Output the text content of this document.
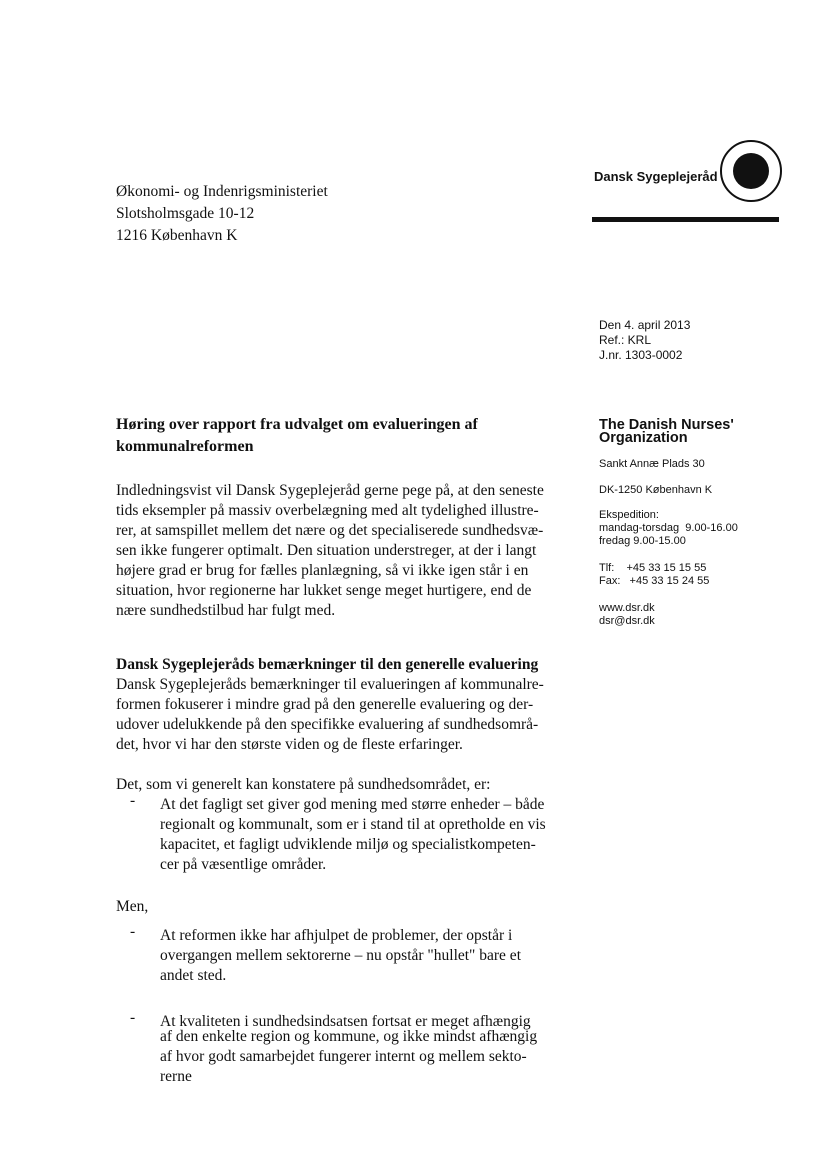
Dansk Sygeplejeråd
Økonomi- og Indenrigsministeriet
Slotsholmsgade 10-12
1216 København K
Den 4. april 2013
Ref.: KRL
J.nr. 1303-0002
The Danish Nurses'
Organization
Sankt Annæ Plads 30
DK-1250 København K
Ekspedition:
mandag-torsdag  9.00-16.00
fredag 9.00-15.00
Tlf:    +45 33 15 15 55
Fax:   +45 33 15 24 55
www.dsr.dk
dsr@dsr.dk
Høring over rapport fra udvalget om evalueringen af
kommunalreformen
Indledningsvist vil Dansk Sygeplejeråd gerne pege på, at den seneste
tids eksempler på massiv overbelægning med alt tydelighed illustre-
rer, at samspillet mellem det nære og det specialiserede sundhedsvæ-
sen ikke fungerer optimalt. Den situation understreger, at der i langt
højere grad er brug for fælles planlægning, så vi ikke igen står i en
situation, hvor regionerne har lukket senge meget hurtigere, end de
nære sundhedstilbud har fulgt med.
Dansk Sygeplejeråds bemærkninger til den generelle evaluering
Dansk Sygeplejeråds bemærkninger til evalueringen af kommunalre-
formen fokuserer i mindre grad på den generelle evaluering og der-
udover udelukkende på den specifikke evaluering af sundhedsområ-
det, hvor vi har den største viden og de fleste erfaringer.
Det, som vi generelt kan konstatere på sundhedsområdet, er:
- At det fagligt set giver god mening med større enheder – både
regionalt og kommunalt, som er i stand til at opretholde en vis
kapacitet, et fagligt udviklende miljø og specialistkompeten-
cer på væsentlige områder.
Men,
- At reformen ikke har afhjulpet de problemer, der opstår i
overgangen mellem sektorerne – nu opstår "hullet" bare et
andet sted.
- At kvaliteten i sundhedsindsatsen fortsat er meget afhængig
af den enkelte region og kommune, og ikke mindst afhængig
af hvor godt samarbejdet fungerer internt og mellem sekto-
rerne
